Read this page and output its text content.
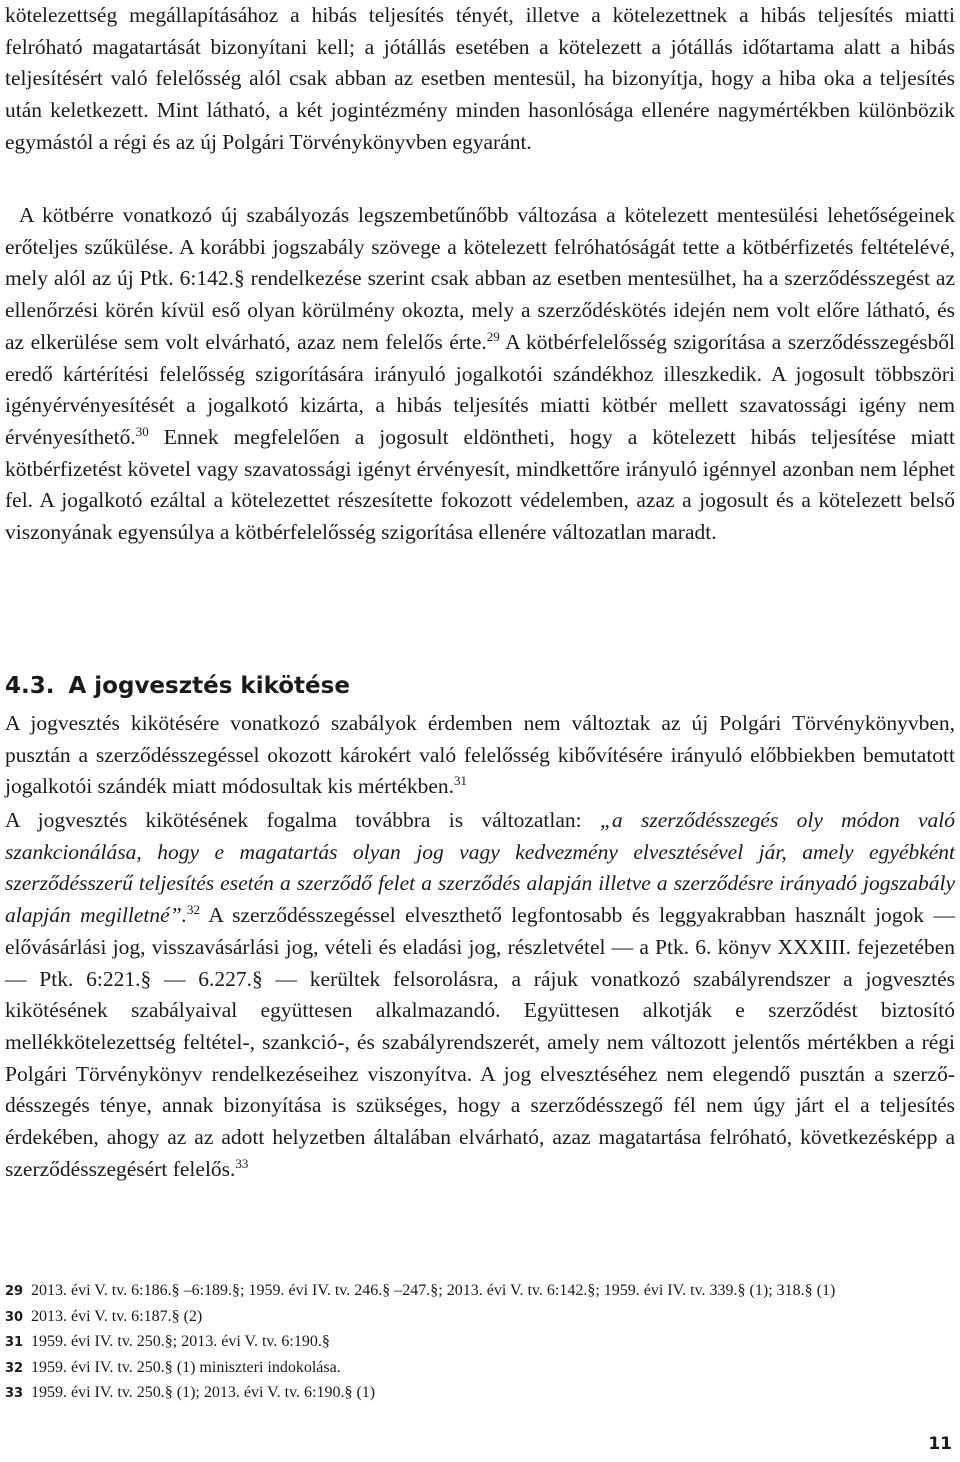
kötelezettség megállapításához a hibás teljesítés tényét, illetve a kötelezettnek a hibás teljesítés miatti felróható magatartását bizonyítani kell; a jótállás esetében a kötelezett a jótállás időtartama alatt a hibás teljesítésért való felelősség alól csak abban az esetben mentesül, ha bizonyítja, hogy a hiba oka a teljesítés után keletkezett. Mint látható, a két jogintézmény minden hasonlósága ellenére nagymértékben különbözik egymástól a régi és az új Polgári Törvénykönyvben egyaránt.

A kötbérre vonatkozó új szabályozás legszembetűnőbb változása a kötelezett mentesülési lehetőségeinek erőteljes szűkülése. A korábbi jogszabály szövege a kötelezett felróhatóságát tette a kötbérfizetés feltételévé, mely alól az új Ptk. 6:142.§ rendelkezése szerint csak abban az esetben mentesülhet, ha a szerződésszegést az ellenőrzési körén kívül eső olyan körülmény okozta, mely a szerződéskötés idején nem volt előre látható, és az elkerülése sem volt elvárható, azaz nem felelős érte.$^{29}$ A kötbérfelelősség szigorítása a szerződésszegésből eredő kártérítési felelősség szigorítására irányuló jogalkotói szándékhoz illeszkedik. A jogosult többszöri igényérvényesítését a jogalkotó kizárta, a hibás teljesítés miatti kötbér mellett szavatossági igény nem érvényesíthető.$^{30}$ Ennek megfelelően a jogosult eldöntheti, hogy a kötelezett hibás teljesítése miatt kötbérfizetést követel vagy szavatossági igényt érvényesít, mindkettőre irányuló igénnyel azonban nem léphet fel. A jogalkotó ezáltal a kötelezettet részesítette fokozott védelemben, azaz a jogosult és a kötelezett belső viszonyának egyensúlya a kötbérfelelősség szigorítása ellenére változatlan maradt.

4.3. A jogvesztés kikötése

A jogvesztés kikötésére vonatkozó szabályok érdemben nem változtak az új Polgári Törvénykönyvben, pusztán a szerződésszegéssel okozott károkért való felelősség kibővítésére irányuló előbbiekben bemutatott jogalkotói szándék miatt módosultak kis mértékben.$^{31}$

A jogvesztés kikötésének fogalma továbbra is változatlan: „a szerződésszegés oly módon való szankcionálása, hogy e magatartás olyan jog vagy kedvezmény elvesztésével jár, amely egyébként szerződésszerű teljesítés esetén a szerződő felet a szerződés alapján illetve a szerződésre irányadó jogszabály alapján megilletné”.$^{32}$ A szerződésszegéssel elveszthető legfontosabb és leggyakrabban használt jogok — elővásárlási jog, visszavásárlási jog, vételi és eladási jog, részletvétel — a Ptk. 6. könyv XXXIII. fejezetében — Ptk. 6:221.§ — 6.227.§ — kerültek felsorolásra, a rájuk vonatkozó szabályrendszer a jogvesztés kikötésének szabályaival együttesen alkalmazandó. Együttesen alkotják e szerződést biztosító mellékkötelezettség feltétel-, szankció-, és szabályrendszerét, amely nem változott jelentős mértékben a régi Polgári Törvénykönyv rendelkezéseihez viszonyítva. A jog elvesztéséhez nem elegendő pusztán a szerződésszegés ténye, annak bizonyítása is szükséges, hogy a szerződésszegő fél nem úgy járt el a teljesítés érdekében, ahogy az az adott helyzetben általában elvárható, azaz magatartása felróható, következésképp a szerződésszegésért felelős.$^{33}$

29 2013. évi V. tv. 6:186.§ –6:189.§; 1959. évi IV. tv. 246.§ –247.§; 2013. évi V. tv. 6:142.§; 1959. évi IV. tv. 339.§ (1); 318.§ (1)
30 2013. évi V. tv. 6:187.§ (2)
31 1959. évi IV. tv. 250.§; 2013. évi V. tv. 6:190.§
32 1959. évi IV. tv. 250.§ (1) miniszteri indokolása.
33 1959. évi IV. tv. 250.§ (1); 2013. évi V. tv. 6:190.§ (1)
11
